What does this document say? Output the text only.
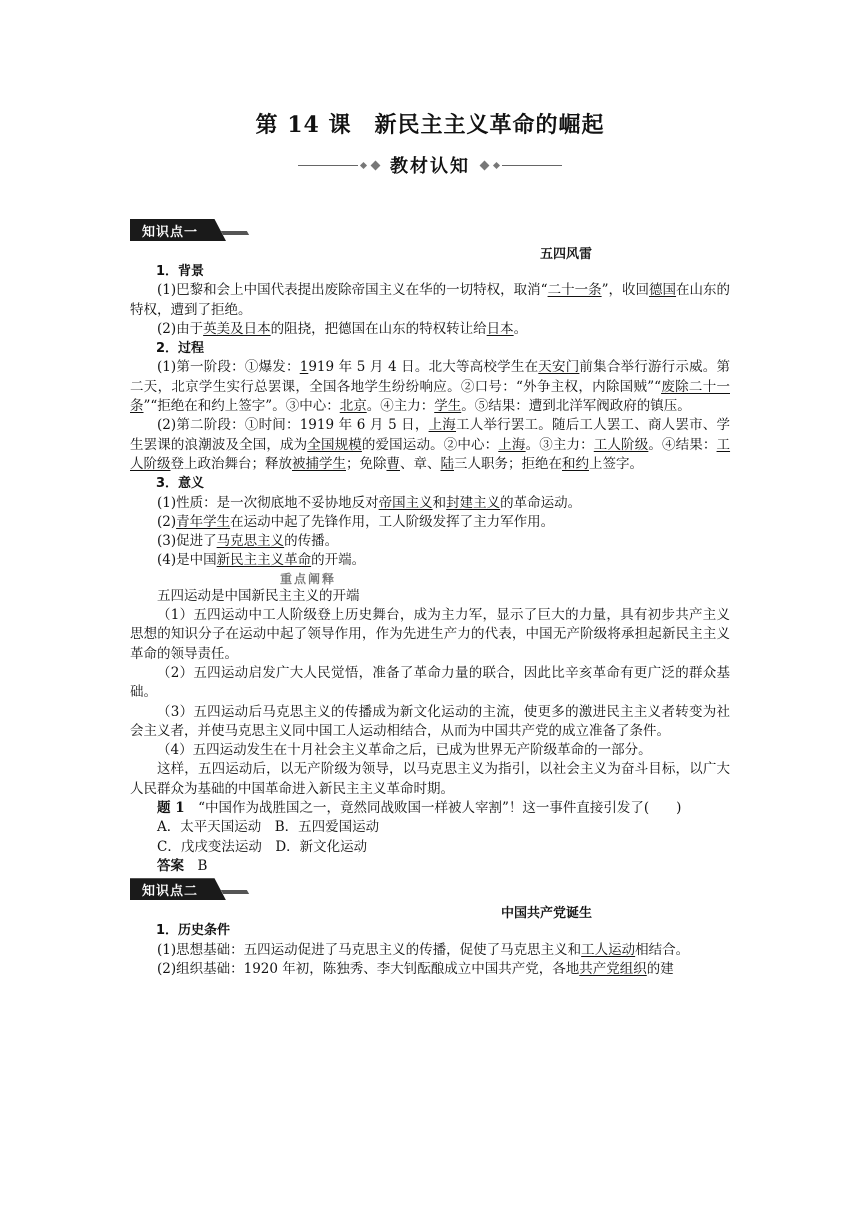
第 14 课　新民主主义革命的崛起
教材认知
知识点一
五四风雷

1．背景

(1)巴黎和会上中国代表提出废除帝国主义在华的一切特权，取消“二十一条”，收回德国在山东的特权，遭到了拒绝。

(2)由于英美及日本的阻挠，把德国在山东的特权转让给日本。

2．过程

(1)第一阶段：①爆发：1919 年 5 月 4 日。北大等高校学生在天安门前集合举行游行示威。第二天，北京学生实行总罢课，全国各地学生纷纷响应。②口号：“外争主权，内除国贼”“废除二十一条”“拒绝在和约上签字”。③中心：北京。④主力：学生。⑤结果：遭到北洋军阀政府的镇压。

(2)第二阶段：①时间：1919 年 6 月 5 日，上海工人举行罢工。随后工人罢工、商人罢市、学生罢课的浪潮波及全国，成为全国规模的爱国运动。②中心：上海。③主力：工人阶级。④结果：工人阶级登上政治舞台；释放被捕学生；免除曹、章、陆三人职务；拒绝在和约上签字。

3．意义

(1)性质：是一次彻底地不妥协地反对帝国主义和封建主义的革命运动。

(2)青年学生在运动中起了先锋作用，工人阶级发挥了主力军作用。

(3)促进了马克思主义的传播。

(4)是中国新民主主义革命的开端。

重点阐释

五四运动是中国新民主主义的开端

（1）五四运动中工人阶级登上历史舞台，成为主力军，显示了巨大的力量，具有初步共产主义思想的知识分子在运动中起了领导作用，作为先进生产力的代表，中国无产阶级将承担起新民主主义革命的领导责任。

（2）五四运动启发广大人民觉悟，准备了革命力量的联合，因此比辛亥革命有更广泛的群众基础。

（3）五四运动后马克思主义的传播成为新文化运动的主流，使更多的激进民主主义者转变为社会主义者，并使马克思主义同中国工人运动相结合，从而为中国共产党的成立准备了条件。

（4）五四运动发生在十月社会主义革命之后，已成为世界无产阶级革命的一部分。

这样，五四运动后，以无产阶级为领导，以马克思主义为指引，以社会主义为奋斗目标，以广大人民群众为基础的中国革命进入新民主主义革命时期。

题 1　“中国作为战胜国之一，竟然同战败国一样被人宰割”！这一事件直接引发了(　　)

A．太平天国运动　B．五四爱国运动

C．戊戌变法运动　D．新文化运动

答案　 B

知识点二
中国共产党诞生

1．历史条件

(1)思想基础：五四运动促进了马克思主义的传播，促使了马克思主义和工人运动相结合。

(2)组织基础：1920 年初，陈独秀、李大钊酝酿成立中国共产党，各地共产党组织的建
